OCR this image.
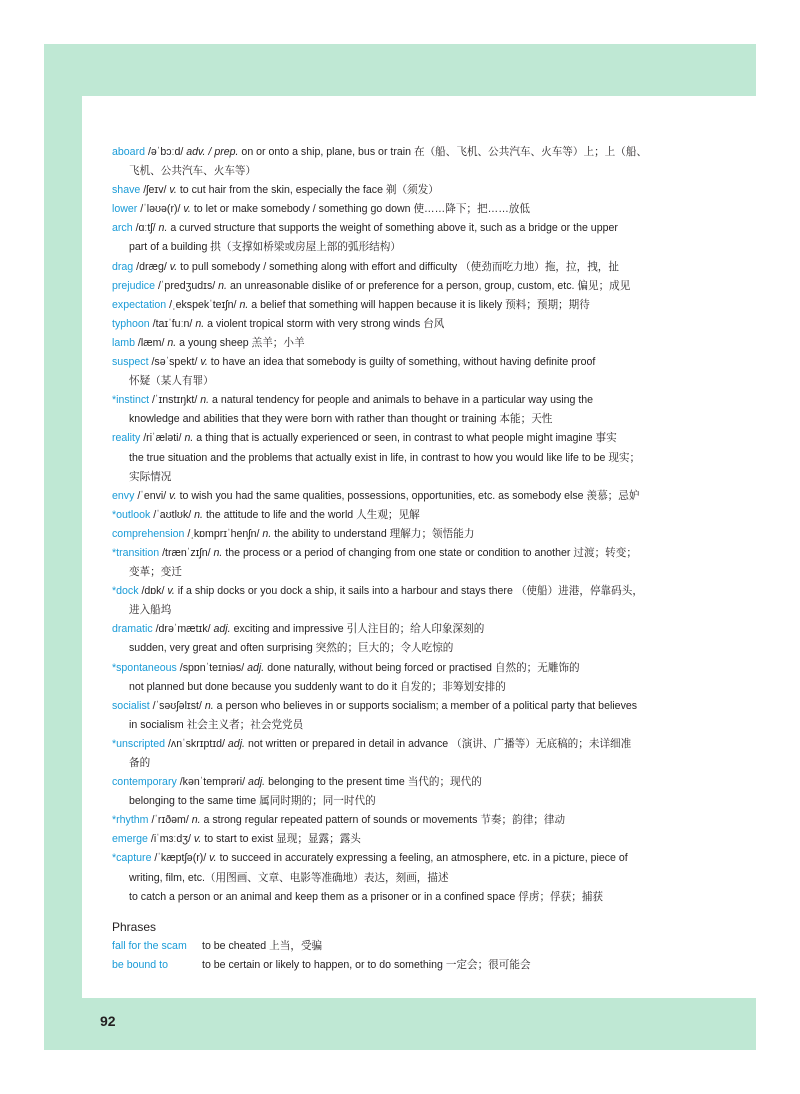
aboard /əˈbɔːd/ adv. / prep. on or onto a ship, plane, bus or train 在（船、飞机、公共汽车、火车等）上；上（船、
飞机、公共汽车、火车等）

shave /ʃeɪv/ v. to cut hair from the skin, especially the face 剃（须发）

lower /ˈləʊə(r)/ v. to let or make somebody / something go down 使……降下；把……放低

arch /ɑːtʃ/ n. a curved structure that supports the weight of something above it, such as a bridge or the upper
part of a building 拱（支撑如桥梁或房屋上部的弧形结构）

drag /dræɡ/ v. to pull somebody / something along with effort and difficulty （使劲而吃力地）拖，拉，拽，扯

prejudice /ˈpredʒudɪs/ n. an unreasonable dislike of or preference for a person, group, custom, etc. 偏见；成见

expectation /ˌekspekˈteɪʃn/ n. a belief that something will happen because it is likely 预料；预期；期待

typhoon /taɪˈfuːn/ n. a violent tropical storm with very strong winds 台风

lamb /læm/ n. a young sheep 羔羊；小羊

suspect /səˈspekt/ v. to have an idea that somebody is guilty of something, without having definite proof
怀疑（某人有罪）

*instinct /ˈɪnstɪŋkt/ n. a natural tendency for people and animals to behave in a particular way using the
knowledge and abilities that they were born with rather than thought or training 本能；天性

reality /riˈæləti/ n. a thing that is actually experienced or seen, in contrast to what people might imagine 事实
the true situation and the problems that actually exist in life, in contrast to how you would like life to be 现实；
实际情况

envy /ˈenvi/ v. to wish you had the same qualities, possessions, opportunities, etc. as somebody else 羡慕；忌妒

*outlook /ˈaʊtlʊk/ n. the attitude to life and the world 人生观；见解

comprehension /ˌkɒmprɪˈhenʃn/ n. the ability to understand 理解力；领悟能力

*transition /trænˈzɪʃn/ n. the process or a period of changing from one state or condition to another 过渡；转变；
变革；变迁

*dock /dɒk/ v. if a ship docks or you dock a ship, it sails into a harbour and stays there （使船）进港，停靠码头，
进入船坞

dramatic /drəˈmætɪk/ adj. exciting and impressive 引人注目的；给人印象深刻的
sudden, very great and often surprising 突然的；巨大的；令人吃惊的

*spontaneous /spɒnˈteɪniəs/ adj. done naturally, without being forced or practised 自然的；无雕饰的
not planned but done because you suddenly want to do it 自发的；非筹划安排的

socialist /ˈsəʊʃəlɪst/ n. a person who believes in or supports socialism; a member of a political party that believes
in socialism 社会主义者；社会党党员

*unscripted /ʌnˈskrɪptɪd/ adj. not written or prepared in detail in advance （演讲、广播等）无底稿的；未详细准
备的

contemporary /kənˈtemprəri/ adj. belonging to the present time 当代的；现代的
belonging to the same time 属同时期的；同一时代的

*rhythm /ˈrɪðəm/ n. a strong regular repeated pattern of sounds or movements 节奏；韵律；律动

emerge /iˈmɜːdʒ/ v. to start to exist 显现；显露；露头

*capture /ˈkæptʃə(r)/ v. to succeed in accurately expressing a feeling, an atmosphere, etc. in a picture, piece of
writing, film, etc.（用图画、文章、电影等准确地）表达，刻画，描述
to catch a person or an animal and keep them as a prisoner or in a confined space 俘虏；俘获；捕获

Phrases
fall for the scam to be cheated 上当，受骗
be bound to	to be certain or likely to happen, or to do something 一定会；很可能会
92
